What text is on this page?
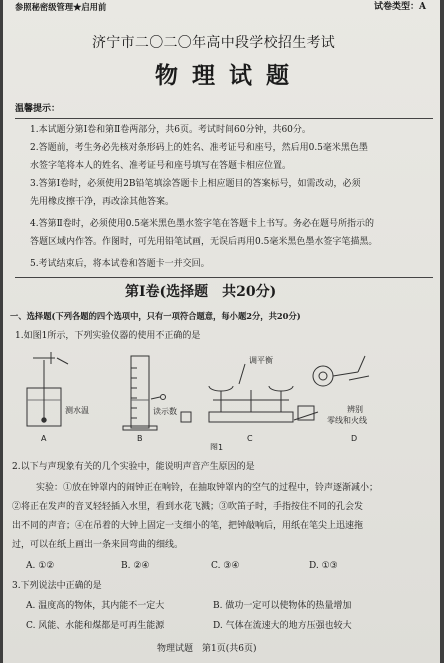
参照秘密级管理★启用前	试卷类型：A
济宁市二〇二〇年高中段学校招生考试
物 理 试 题
温馨提示：
1.本试题分第Ⅰ卷和第Ⅱ卷两部分，共6页。考试时间60分钟，共60分。
2.答题前，考生务必先核对条形码上的姓名、准考证号和座号，然后用0.5毫米黑色墨
水签字笔将本人的姓名、准考证号和座号填写在答题卡相应位置。
3.答第Ⅰ卷时，必须使用2B铅笔填涂答题卡上相应题目的答案标号，如需改动，必须
先用橡皮擦干净，再改涂其他答案。
4.答第Ⅱ卷时，必须使用0.5毫米黑色墨水签字笔在答题卡上书写。务必在题号所指示的
答题区域内作答。作图时，可先用铅笔试画，无误后再用0.5毫米黑色墨水签字笔描黑。
5.考试结束后，将本试卷和答题卡一并交回。
第Ⅰ卷(选择题　共20分)
一、选择题(下列各题的四个选项中，只有一项符合题意，每小题2分，共20分)
1.如图1所示，下列实验仪器的使用不正确的是
测水温
A
读示数
B
调平衡
C
辨别
零线和火线
D
图1
2.以下与声现象有关的几个实验中，能说明声音产生原因的是
实验：①放在钟罩内的闹钟正在响铃，在抽取钟罩内的空气的过程中，铃声逐渐减小；
②将正在发声的音叉轻轻插入水里，看到水花飞溅；③吹笛子时，手指按住不同的孔会发
出不同的声音；④在吊着的大钟上固定一支细小的笔，把钟敲响后，用纸在笔尖上迅速拖
过，可以在纸上画出一条来回弯曲的细线。
A. ①②	B. ②④	C. ③④	D. ①③
3.下列说法中正确的是
A. 温度高的物体，其内能不一定大	B. 做功一定可以使物体的热量增加
C. 风能、水能和煤都是可再生能源	D. 气体在流速大的地方压强也较大
物理试题　第1页(共6页)
